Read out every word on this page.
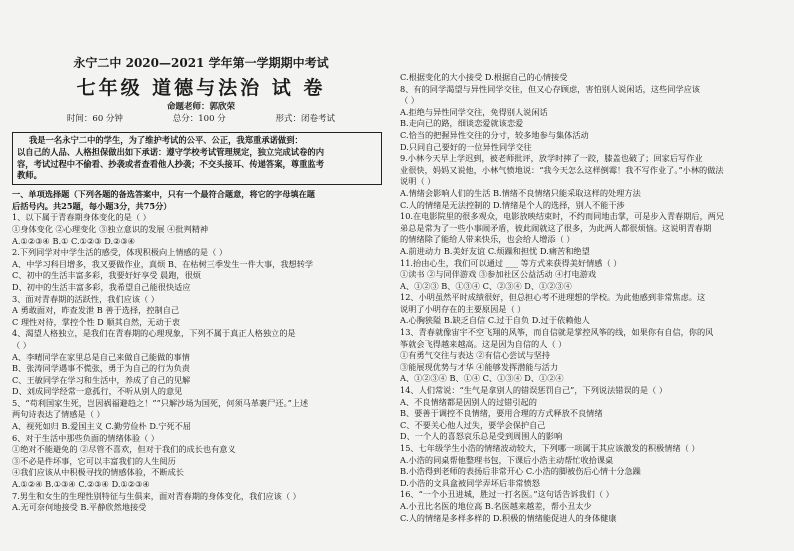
永宁二中 2020—2021 学年第一学期期中考试
七年级 道德与法治 试 卷
命题老师：郭欣荣
时间：60 分钟	总分：100 分	形式：闭卷考试
我是一名永宁二中的学生，为了维护考试的公平、公正，我郑重承诺做到：
以自己的人品、人格担保做出如下承诺：遵守学校考试管理规定，独立完成试卷的内
容，考试过程中不偷看、抄袭或者查看他人抄袭；不交头接耳、传递答案，尊重监考
教师。
一、单项选择题（下列各题的备选答案中，只有一个最符合题意，将它的字母填在题
后括号内。共25题，每小题3分，共75分）
1、以下属于青春期身体变化的是（ ）
①身体变化 ②心理变化 ③独立意识的发展 ④批判精神
A.①②③④ B.① C.①②③ D.②③④
2.下列同学对中学生活的感受，体现积极向上情感的是（ ）
A、中学习科目增多，我又要做作业，真烦 B、在枯树三季发生一件大事，我想转学
C、初中的生活丰富多彩，我要好好享受 晨跑，很烦
D、初中的生活丰富多彩，我希望自己能很快适应
3、面对青春期的活跃性，我们应该（ ）
A 勇敢面对，昨查发泄 B 善于选择，控制自己
C 理性对待，掌控个性 D 顺其自然，无动于衷
4、渴望人格独立，是我们在青春期的心理现象，下列不属于真正人格独立的是
（ ）
A、李晴同学在家里总是自己来做自己能做的事情
B、张涛同学遇事不慌张，勇于为自己的行为负责
C、王敏同学在学习和生活中，养成了自己的见解
D、刘成同学经常一意孤行，不听从别人的意见
5、“苟利国家生死，岂因祸福避趋之！””只解沙场为国死，何须马革裹尸还。”上述
两句诗表达了情感是（ ）
A、视死如归 B.爱国主义 C.勤劳俭朴 D.宁死不屈
6、对于生活中那些负面的情绪体验（ ）
①绝对不能避免的 ②尽管不喜欢，但对于我们的成长也有意义
③不必是件坏事，它可以丰富我们的人生阅历
④我们应该从中积极寻找的情感体验，不断成长
A.①②④ B.①③④ C.②③④ D.①②③④
7.男生和女生的生理性别特征与生俱来，面对青春期的身体变化，我们应该（ ）
A.无可奈何地接受 B.平静欣然地接受
C.根据变化的大小接受 D.根据自己的心情接受
8、有的同学渴望与异性同学交往，但又心存顾虑，害怕别人说闲话，这些同学应该
（ ）
A.拒绝与异性同学交往，免得别人说闲话
B.走向已的路，细谈恋爱就该恋爱
C.恰当的把握异性交往的分寸，较多地参与集体活动
D.只同自己要好的一位异性同学交往
9.小林今天早上学迟到，被老师批评，放学时摔了一跤，膝盖也破了；回家后写作业
业很快，妈妈又说他，小林气愤地说：“我今天怎么这样倒霉！我不写作业了。”小林的做法
说明（ ）
A.情绪会影响人们的生活 B.情绪不良情绪只能采取这样的处理方法
C.人的情绪是无法控制的 D.情绪是个人的选择，别人不能干涉
10.在电影院里的很多观众，电影放映结束时，不约而同地击掌，可是步入青春期后，两兄
弟总是常为了一些小事闹矛盾，彼此闹就这了很多，为此两人都很烦恼。这说明青春期
的情绪除了能给人带来快乐，也会给人增添（ ）
A.前进动力 B.美好友谊 C.烦躁和担忧 D.痛苦和绝望
11.抬由心生，我们可以通过 ___ 等方式来获得美好情感（ ）
①读书 ②与同伴游戏 ③参加社区公益活动 ④打电游戏
A、①②③ B、①③④ C、②③④ D、①②③④
12、小明虽然平时成绩很好，但总担心考不进理想的学校。为此他感到非常焦虑。这
说明了小明存在的主要原因是（ ）
A.心胸狭隘 B.缺乏自信 C.过于自负 D.过于依赖他人
13、青春就像宙宇不空飞翔的风筝，而自信就是掌控风筝的线，如果你有自信，你的风
筝就会飞得越来越高。这是因为自信的人（ ）
①有勇气交往与表达 ②有信心尝试与坚持
③能展现优势与才华 ④能够发挥潜能与活力
A、①②③④ B、①④ C、①③④ D、①②④
14、人们常说：“生气是拿别人的错误惩罚自己”，下列说法错误的是（ ）
A、不良情绪都是因别人的过错引起的
B、要善于调控不良情绪，要用合理的方式释放不良情绪
C、不要关心他人过失，要学会保护自己
D、一个人的喜怒哀乐总是受到周围人的影响
15、七年级学生小浩的情绪波动较大，下列哪一项属于其应该激发的积极情绪（ ）
A.小浩的同桌帮他整理书包，下课后小浩主动帮忙收拾课桌
B.小浩得到老师的表扬后非常开心 C.小浩的脚被伤后心情十分急躁
D.小浩的文具盒被同学弄坏后非常愤怒
16、“一个小丑进城，胜过一打名医。”这句话告诉我们（ ）
A.小丑比名医的地位高 B.名医越来越差，帮小丑太少
C.人的情绪是多样多样的 D.积极的情绪能促进人的身体健康
